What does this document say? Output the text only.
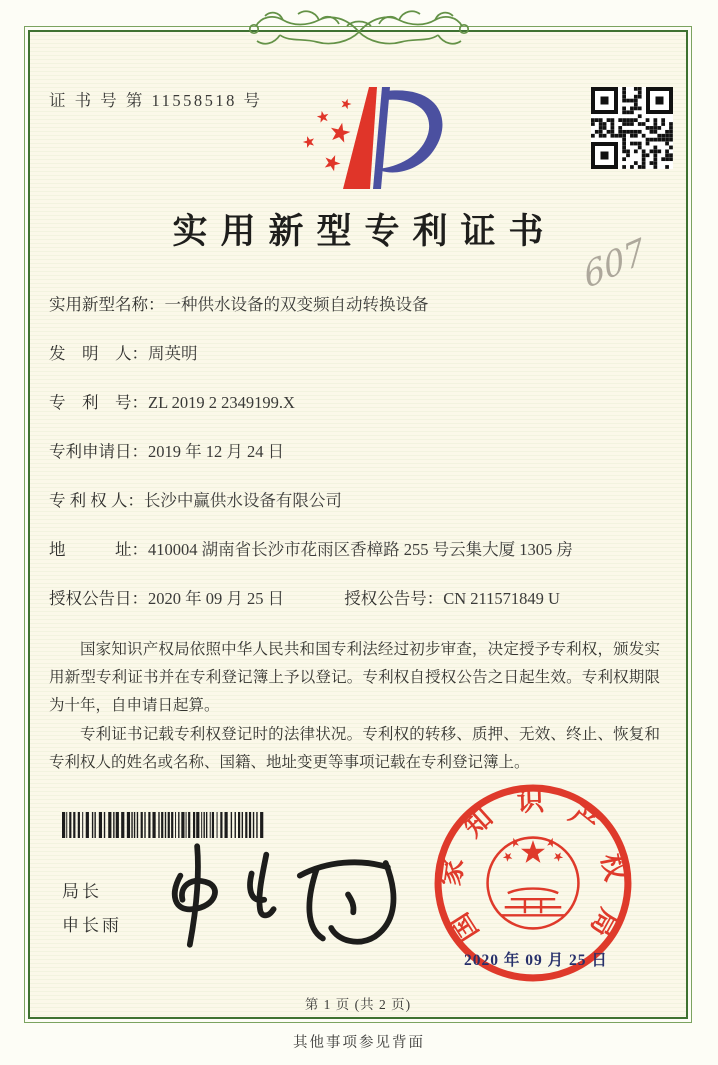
证 书 号 第 11558518 号
实用新型专利证书 607
实用新型名称：一种供水设备的双变频自动转换设备
发　明　人：周英明
专　利　号：ZL 2019 2 2349199.X
专利申请日：2019 年 12 月 24 日
专 利 权 人：长沙中赢供水设备有限公司
地　　　址：410004 湖南省长沙市花雨区香樟路 255 号云集大厦 1305 房
授权公告日：2020 年 09 月 25 日	授权公告号：CN 211571849 U

国家知识产权局依照中华人民共和国专利法经过初步审查，决定授予专利权，颁发实用新型专利证书并在专利登记簿上予以登记。专利权自授权公告之日起生效。专利权期限为十年，自申请日起算。

专利证书记载专利权登记时的法律状况。专利权的转移、质押、无效、终止、恢复和专利权人的姓名或名称、国籍、地址变更等事项记载在专利登记簿上。

局长
申长雨	国家知识产权局
2020 年 09 月 25 日
第 1 页 (共 2 页)
其他事项参见背面
